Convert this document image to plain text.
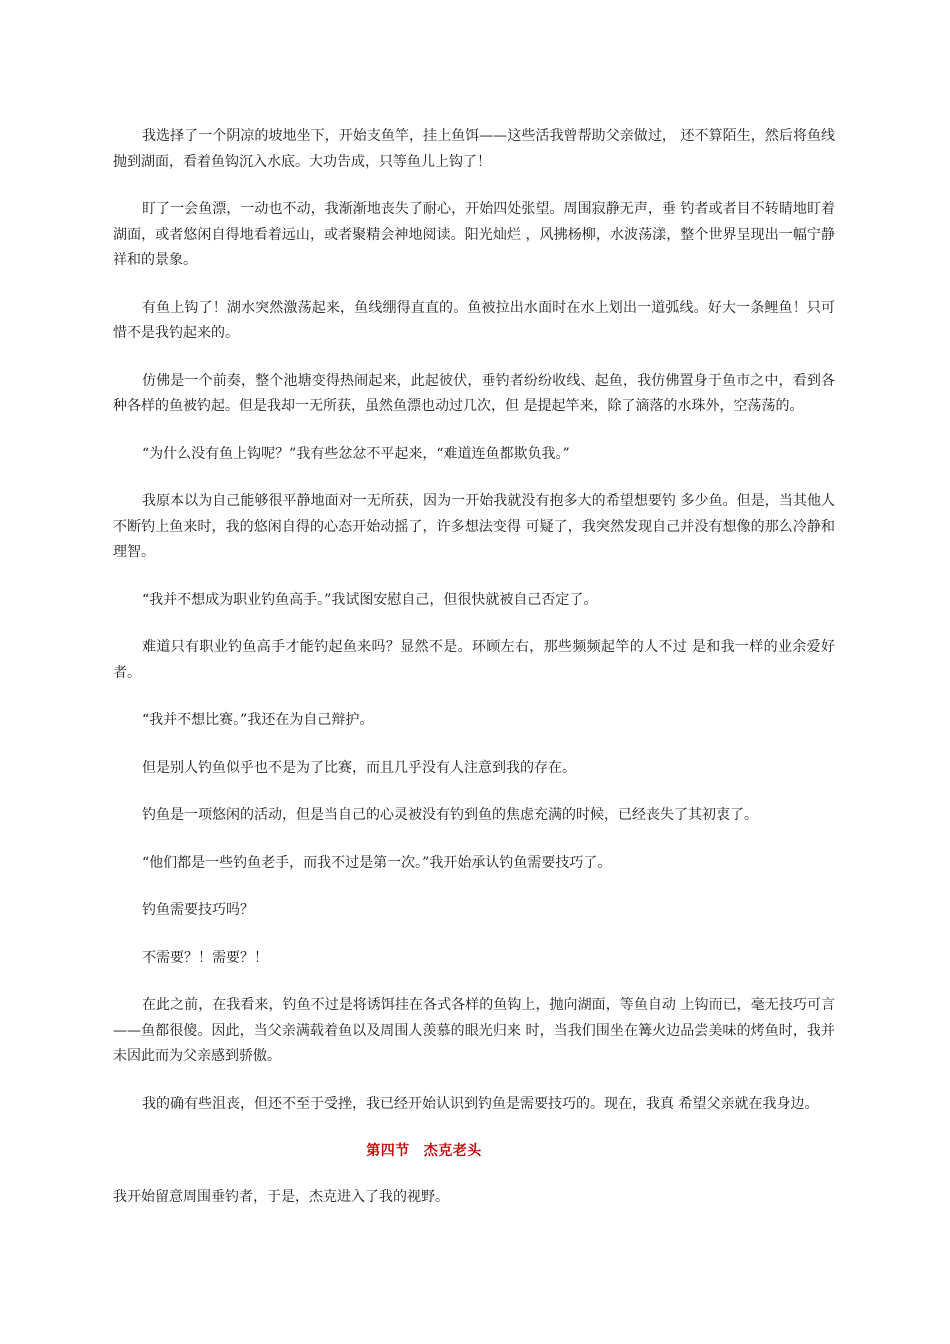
我选择了一个阴凉的坡地坐下，开始支鱼竿，挂上鱼饵——这些活我曾帮助父亲做过， 还不算陌生，然后将鱼线抛到湖面，看着鱼钩沉入水底。大功告成，只等鱼儿上钩了！

盯了一会鱼漂，一动也不动，我渐渐地丧失了耐心，开始四处张望。周围寂静无声，垂 钓者或者目不转睛地盯着湖面，或者悠闲自得地看着远山，或者聚精会神地阅读。阳光灿烂 ，风拂杨柳，水波荡漾，整个世界呈现出一幅宁静祥和的景象。

有鱼上钩了！湖水突然激荡起来，鱼线绷得直直的。鱼被拉出水面时在水上划出一道弧线。好大一条鲤鱼！只可惜不是我钓起来的。

仿佛是一个前奏，整个池塘变得热闹起来，此起彼伏，垂钓者纷纷收线、起鱼，我仿佛置身于鱼市之中，看到各种各样的鱼被钓起。但是我却一无所获，虽然鱼漂也动过几次，但 是提起竿来，除了滴落的水珠外，空荡荡的。

“为什么没有鱼上钩呢？”我有些忿忿不平起来，“难道连鱼都欺负我。”

我原本以为自己能够很平静地面对一无所获，因为一开始我就没有抱多大的希望想要钓 多少鱼。但是，当其他人不断钓上鱼来时，我的悠闲自得的心态开始动摇了，许多想法变得 可疑了，我突然发现自己并没有想像的那么冷静和理智。

“我并不想成为职业钓鱼高手。”我试图安慰自己，但很快就被自己否定了。

难道只有职业钓鱼高手才能钓起鱼来吗？显然不是。环顾左右，那些频频起竿的人不过 是和我一样的业余爱好者。

“我并不想比赛。”我还在为自己辩护。

但是别人钓鱼似乎也不是为了比赛，而且几乎没有人注意到我的存在。

钓鱼是一项悠闲的活动，但是当自己的心灵被没有钓到鱼的焦虑充满的时候，已经丧失了其初衷了。

“他们都是一些钓鱼老手，而我不过是第一次。”我开始承认钓鱼需要技巧了。

钓鱼需要技巧吗？

不需要？！需要？！

在此之前，在我看来，钓鱼不过是将诱饵挂在各式各样的鱼钩上，抛向湖面，等鱼自动 上钩而已，毫无技巧可言——鱼都很傻。因此，当父亲满载着鱼以及周围人羡慕的眼光归来 时，当我们围坐在篝火边品尝美味的烤鱼时，我并未因此而为父亲感到骄傲。

我的确有些沮丧，但还不至于受挫，我已经开始认识到钓鱼是需要技巧的。现在，我真 希望父亲就在我身边。

第四节 杰克老头

我开始留意周围垂钓者，于是，杰克进入了我的视野。
